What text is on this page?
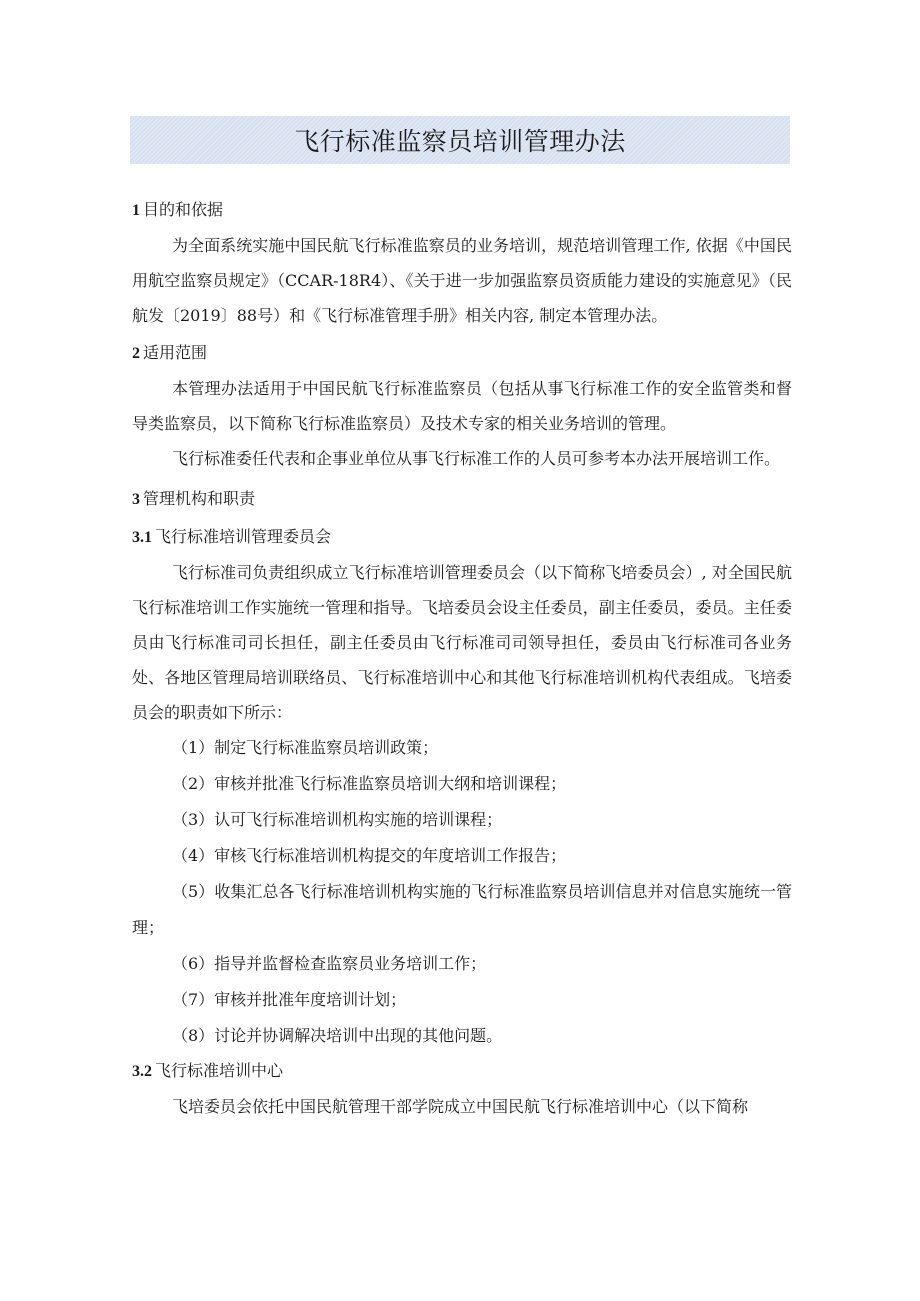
飞行标准监察员培训管理办法

1 目的和依据

为全面系统实施中国民航飞行标准监察员的业务培训，规范培训管理工作, 依据《中国民用航空监察员规定》（CCAR-18R4）、《关于进一步加强监察员资质能力建设的实施意见》（民航发〔2019〕88号）和《飞行标准管理手册》相关内容, 制定本管理办法。

2 适用范围

本管理办法适用于中国民航飞行标准监察员（包括从事飞行标准工作的安全监管类和督导类监察员，以下简称飞行标准监察员）及技术专家的相关业务培训的管理。

飞行标准委任代表和企事业单位从事飞行标准工作的人员可参考本办法开展培训工作。

3 管理机构和职责

3.1 飞行标准培训管理委员会

飞行标准司负责组织成立飞行标准培训管理委员会（以下简称飞培委员会）, 对全国民航飞行标准培训工作实施统一管理和指导。飞培委员会设主任委员，副主任委员，委员。主任委员由飞行标准司司长担任，副主任委员由飞行标准司司领导担任，委员由飞行标准司各业务处、各地区管理局培训联络员、飞行标准培训中心和其他飞行标准培训机构代表组成。飞培委员会的职责如下所示：

（1）制定飞行标准监察员培训政策；

（2）审核并批准飞行标准监察员培训大纲和培训课程；

（3）认可飞行标准培训机构实施的培训课程；

（4）审核飞行标准培训机构提交的年度培训工作报告；

（5）收集汇总各飞行标准培训机构实施的飞行标准监察员培训信息并对信息实施统一管理；

（6）指导并监督检查监察员业务培训工作；

（7）审核并批准年度培训计划；

（8）讨论并协调解决培训中出现的其他问题。

3.2 飞行标准培训中心

飞培委员会依托中国民航管理干部学院成立中国民航飞行标准培训中心（以下简称
